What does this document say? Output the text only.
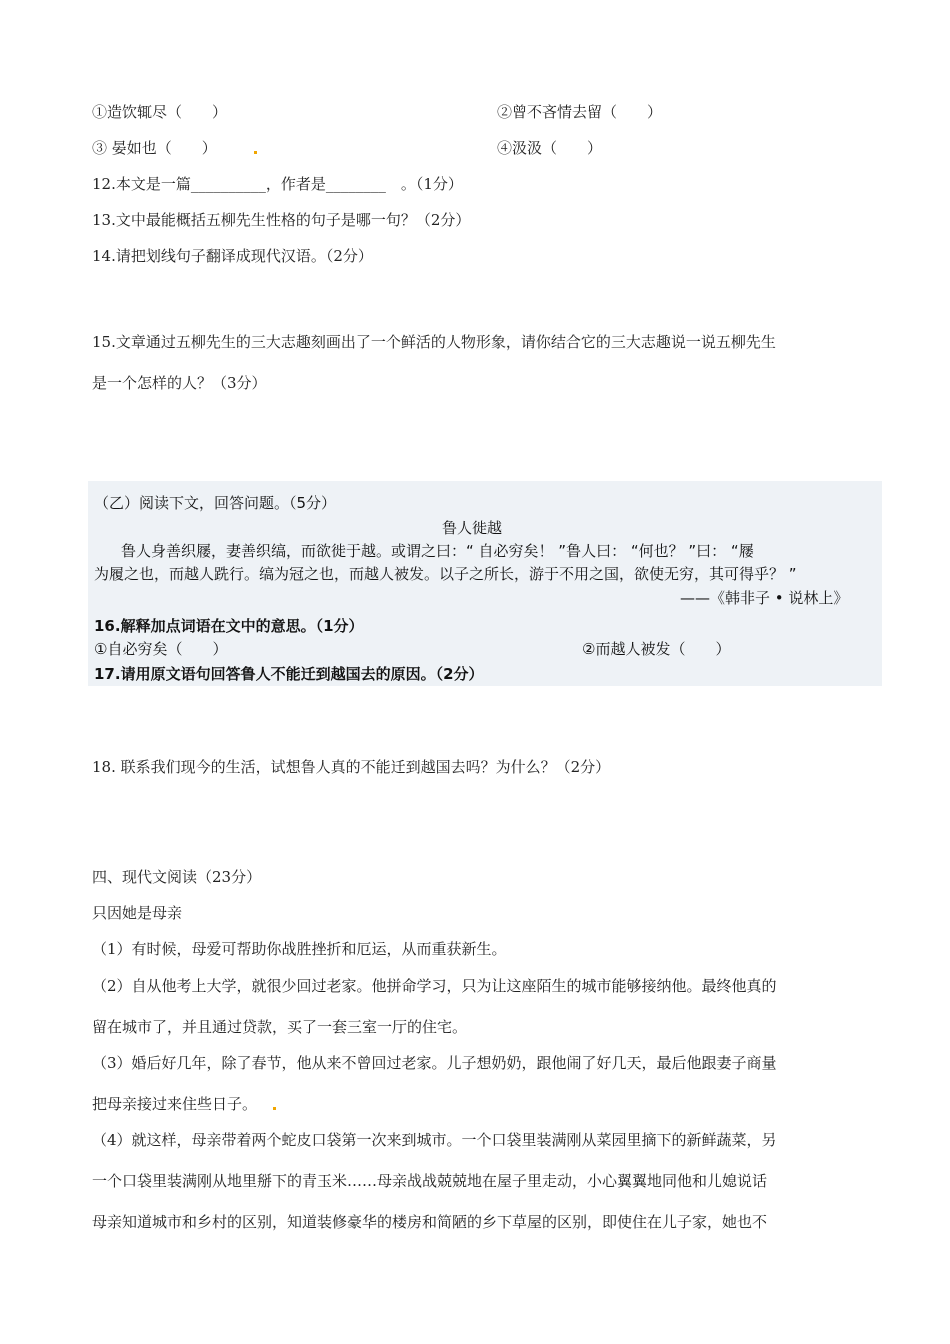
①造饮辄尽（　　）	②曾不吝情去留（　　）
③ 晏如也（　　）	④汲汲（　　）
12.本文是一篇__________，作者是________　。（1分）
13.文中最能概括五柳先生性格的句子是哪一句？（2分）
14.请把划线句子翻译成现代汉语。（2分）
15.文章通过五柳先生的三大志趣刻画出了一个鲜活的人物形象，请你结合它的三大志趣说一说五柳先生
是一个怎样的人？（3分）
（乙）阅读下文，回答问题。（5分）
鲁人徙越
鲁人身善织屦，妻善织缟，而欲徙于越。或谓之曰：“ 自必穷矣！ ”鲁人曰： “何也？ ”曰： “屦
为履之也，而越人跣行。缟为冠之也，而越人被发。以子之所长，游于不用之国，欲使无穷，其可得乎？ ”
——《韩非子 • 说林上》
16.解释加点词语在文中的意思。（1分）
①自必穷矣（　　）	②而越人被发（　　）
17.请用原文语句回答鲁人不能迁到越国去的原因。（2分）
18. 联系我们现今的生活，试想鲁人真的不能迁到越国去吗？为什么？（2分）
四、现代文阅读（23分）
只因她是母亲
（1）有时候，母爱可帮助你战胜挫折和厄运，从而重获新生。
（2）自从他考上大学，就很少回过老家。他拼命学习，只为让这座陌生的城市能够接纳他。最终他真的
留在城市了，并且通过贷款，买了一套三室一厅的住宅。
（3）婚后好几年，除了春节，他从来不曾回过老家。儿子想奶奶，跟他闹了好几天，最后他跟妻子商量
把母亲接过来住些日子。
（4）就这样，母亲带着两个蛇皮口袋第一次来到城市。一个口袋里装满刚从菜园里摘下的新鲜蔬菜，另
一个口袋里装满刚从地里掰下的青玉米……母亲战战兢兢地在屋子里走动，小心翼翼地同他和儿媳说话
母亲知道城市和乡村的区别，知道装修豪华的楼房和简陋的乡下草屋的区别，即使住在儿子家，她也不
